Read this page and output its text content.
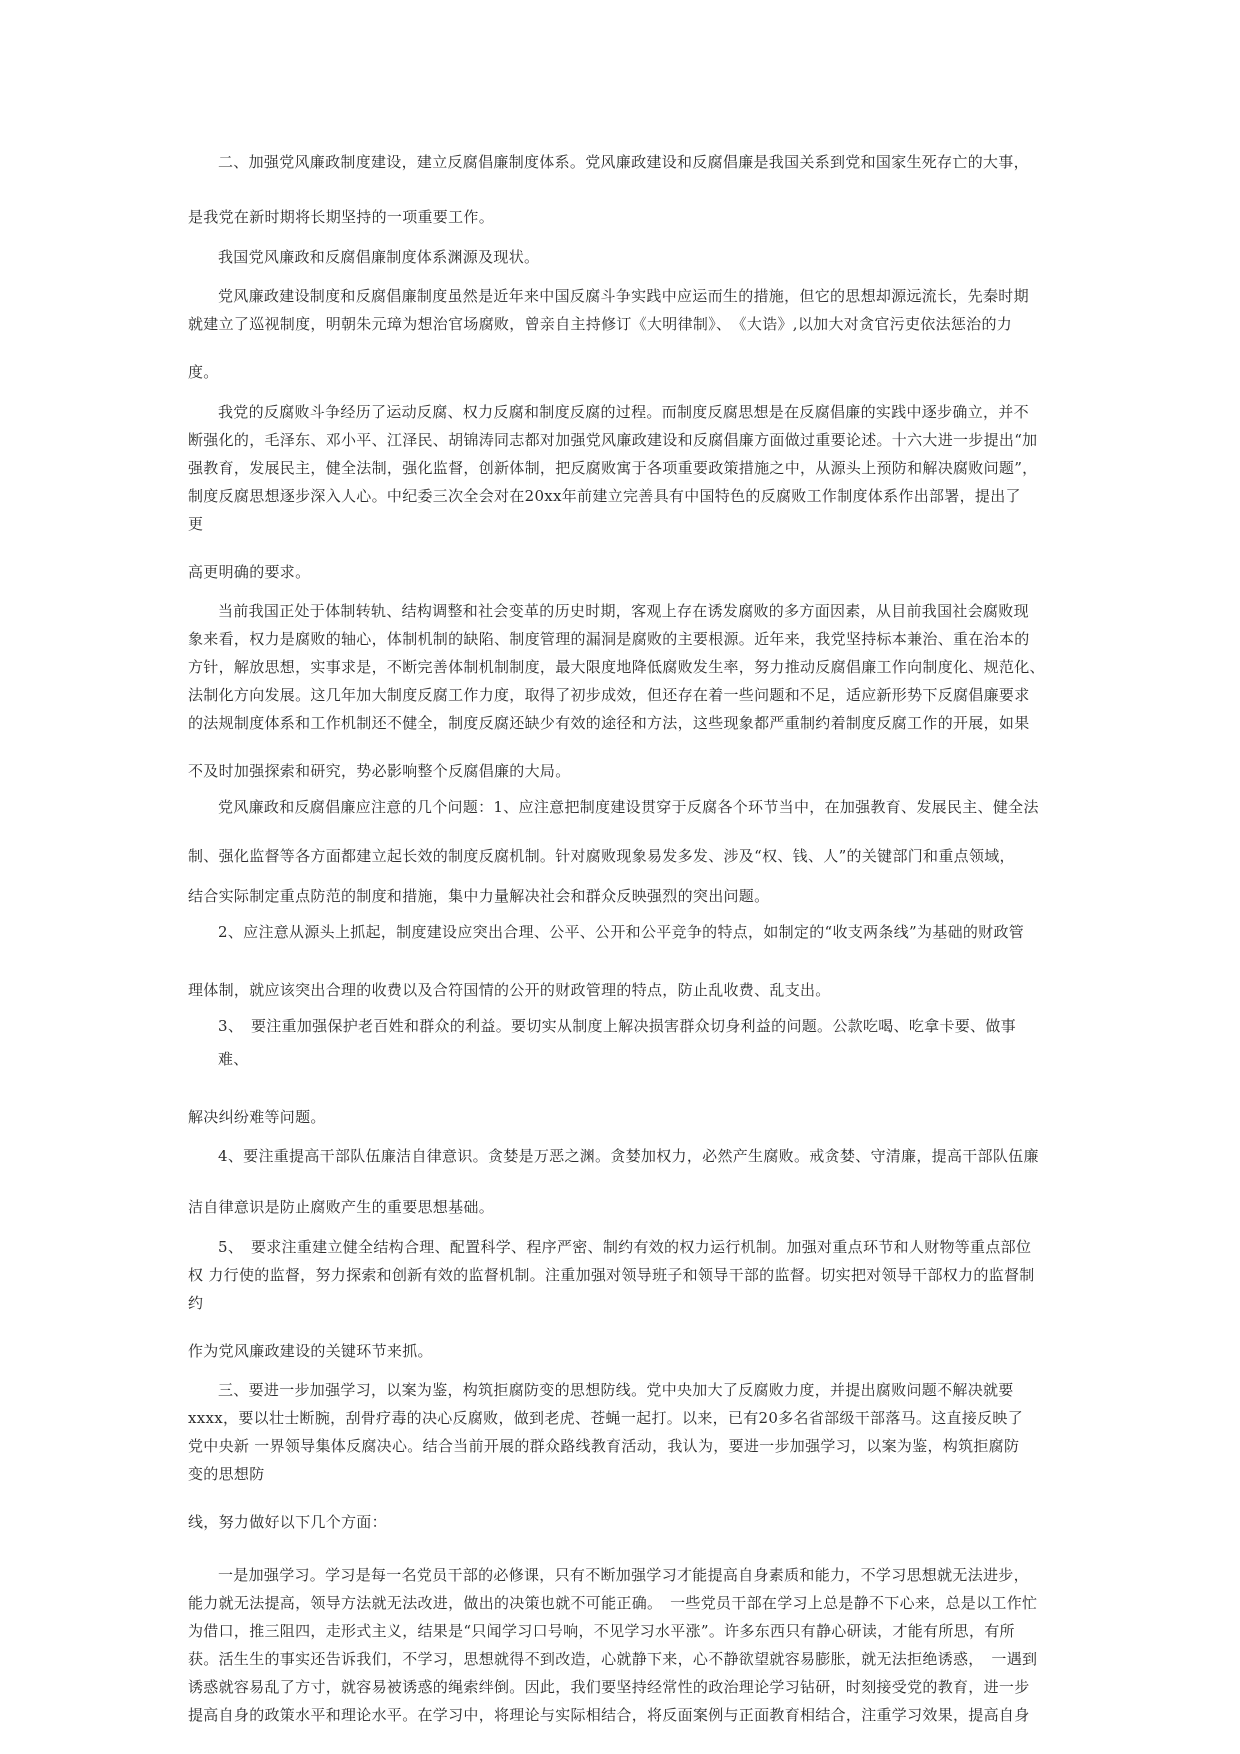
二、加强党风廉政制度建设，建立反腐倡廉制度体系。党风廉政建设和反腐倡廉是我国关系到党和国家生死存亡的大事，
是我党在新时期将长期坚持的一项重要工作。
我国党风廉政和反腐倡廉制度体系渊源及现状。
党风廉政建设制度和反腐倡廉制度虽然是近年来中国反腐斗争实践中应运而生的措施，但它的思想却源远流长，先秦时期
就建立了巡视制度，明朝朱元璋为想治官场腐败，曾亲自主持修订《大明律制》、　《大诰》,以加大对贪官污吏依法惩治的力
度。
我党的反腐败斗争经历了运动反腐、权力反腐和制度反腐的过程。而制度反腐思想是在反腐倡廉的实践中逐步确立，并不
断强化的，毛泽东、邓小平、江泽民、胡锦涛同志都对加强党风廉政建设和反腐倡廉方面做过重要论述。十六大进一步提出“加
强教育，发展民主，健全法制，强化监督，创新体制，把反腐败寓于各项重要政策措施之中，从源头上预防和解决腐败问题”，
制度反腐思想逐步深入人心。中纪委三次全会对在20xx年前建立完善具有中国特色的反腐败工作制度体系作出部署，提出了
更
高更明确的要求。
当前我国正处于体制转轨、结构调整和社会变革的历史时期，客观上存在诱发腐败的多方面因素，从目前我国社会腐败现
象来看，权力是腐败的轴心，体制机制的缺陷、制度管理的漏洞是腐败的主要根源。近年来，我党坚持标本兼治、重在治本的
方针，解放思想，实事求是，不断完善体制机制制度，最大限度地降低腐败发生率，努力推动反腐倡廉工作向制度化、规范化、
法制化方向发展。这几年加大制度反腐工作力度，取得了初步成效，但还存在着一些问题和不足，适应新形势下反腐倡廉要求
的法规制度体系和工作机制还不健全，制度反腐还缺少有效的途径和方法，这些现象都严重制约着制度反腐工作的开展，如果
不及时加强探索和研究，势必影响整个反腐倡廉的大局。
党风廉政和反腐倡廉应注意的几个问题：1、应注意把制度建设贯穿于反腐各个环节当中，在加强教育、发展民主、健全法
制、强化监督等各方面都建立起长效的制度反腐机制。针对腐败现象易发多发、涉及“权、钱、人”的关键部门和重点领域，
结合实际制定重点防范的制度和措施，集中力量解决社会和群众反映强烈的突出问题。
2、应注意从源头上抓起，制度建设应突出合理、公平、公开和公平竞争的特点，如制定的“收支两条线”为基础的财政管
理体制，就应该突出合理的收费以及合符国情的公开的财政管理的特点，防止乱收费、乱支出。
3、　要注重加强保护老百姓和群众的利益。要切实从制度上解决损害群众切身利益的问题。公款吃喝、吃拿卡要、做事
难、
解决纠纷难等问题。
4、要注重提高干部队伍廉洁自律意识。贪婪是万恶之渊。贪婪加权力，必然产生腐败。戒贪婪、守清廉，提高干部队伍廉
洁自律意识是防止腐败产生的重要思想基础。
5、　要求注重建立健全结构合理、配置科学、程序严密、制约有效的权力运行机制。加强对重点环节和人财物等重点部位
权 力行使的监督，努力探索和创新有效的监督机制。注重加强对领导班子和领导干部的监督。切实把对领导干部权力的监督制
约
作为党风廉政建设的关键环节来抓。
三、要进一步加强学习，以案为鉴，构筑拒腐防变的思想防线。党中央加大了反腐败力度，并提出腐败问题不解决就要
xxxx，要以壮士断腕，刮骨疗毒的决心反腐败，做到老虎、苍蝇一起打。以来，已有20多名省部级干部落马。这直接反映了
党中央新 一界领导集体反腐决心。结合当前开展的群众路线教育活动，我认为，要进一步加强学习，以案为鉴，构筑拒腐防
变的思想防
线，努力做好以下几个方面：
一是加强学习。学习是每一名党员干部的必修课，只有不断加强学习才能提高自身素质和能力，不学习思想就无法进步，
能力就无法提高，领导方法就无法改进，做出的决策也就不可能正确。　一些党员干部在学习上总是静不下心来，总是以工作忙
为借口，推三阻四，走形式主义，结果是“只闻学习口号响，不见学习水平涨”。许多东西只有静心研读，才能有所思，有所
获。活生生的事实还告诉我们，不学习，思想就得不到改造，心就静下来，心不静欲望就容易膨胀，就无法拒绝诱惑，　一遇到
诱惑就容易乱了方寸，就容易被诱惑的绳索绊倒。因此，我们要坚持经常性的政治理论学习钻研，时刻接受党的教育，进一步
提高自身的政策水平和理论水平。在学习中，将理论与实际相结合，将反面案例与正面教育相结合，注重学习效果，提高自身
